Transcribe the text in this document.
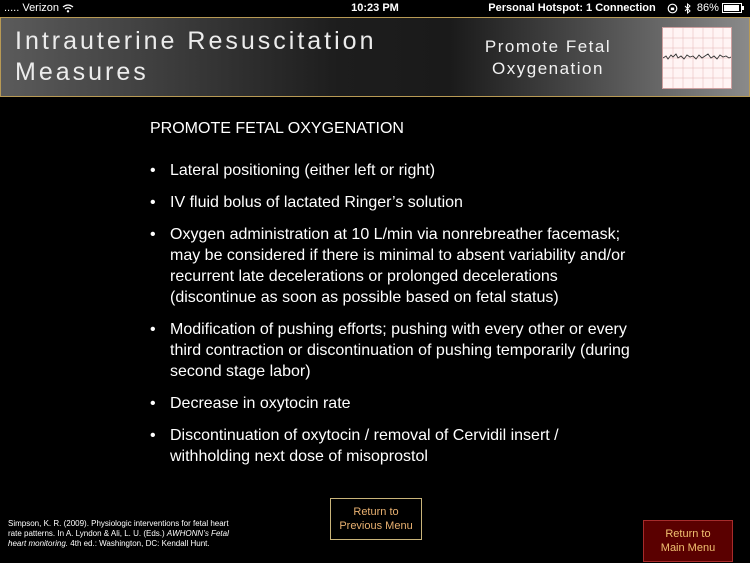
..... Verizon	10:23 PM	Personal Hotspot: 1 Connection	86%
Intrauterine Resuscitation
Measures
Promote Fetal
Oxygenation
PROMOTE FETAL OXYGENATION
• Lateral positioning (either left or right)
• IV fluid bolus of lactated Ringer’s solution
• Oxygen administration at 10 L/min via nonrebreather facemask; may be considered if there is minimal to absent variability and/or recurrent late decelerations or prolonged decelerations (discontinue as soon as possible based on fetal status)
• Modification of pushing efforts; pushing with every other or every third contraction or discontinuation of pushing temporarily (during second stage labor)
• Decrease in oxytocin rate
• Discontinuation of oxytocin / removal of Cervidil insert / withholding next dose of misoprostol
Simpson, K. R. (2009). Physiologic interventions for fetal heart rate patterns. In A. Lyndon & Ali, L. U. (Eds.) AWHONN’s Fetal heart monitoring. 4th ed.: Washington, DC: Kendall Hunt.
Return to
Previous Menu
Return to
Main Menu
